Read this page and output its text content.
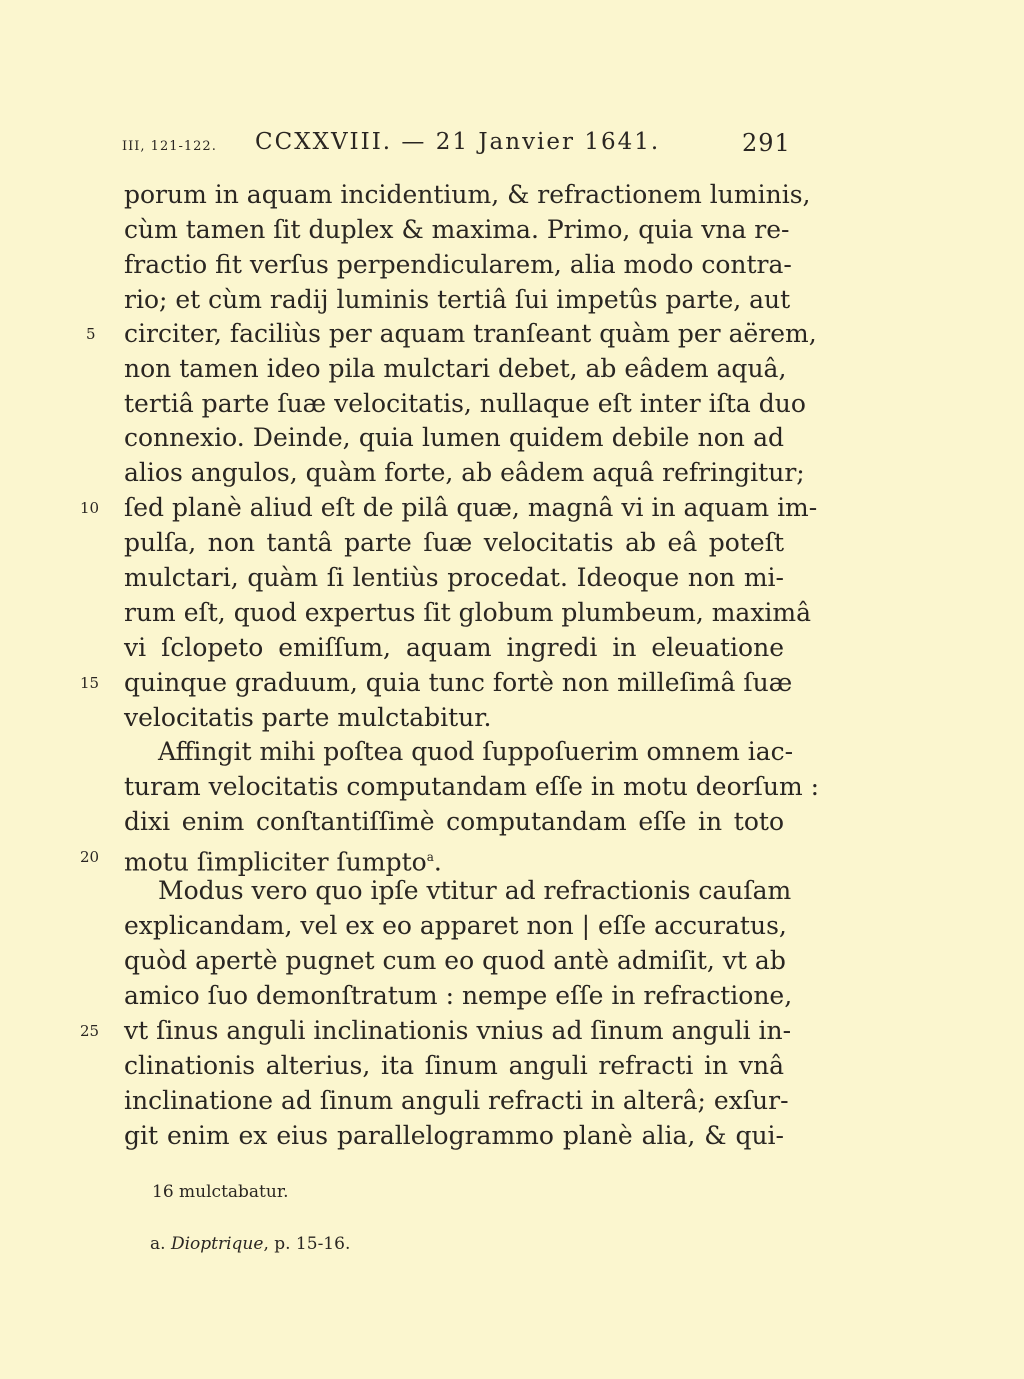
III, 121-122. CCXXVIII. — 21 Janvier 1641.	291
porum in aquam incidentium, & refractionem luminis,
cùm tamen ſit duplex & maxima. Primo, quia vna re-
fractio fit verſus perpendicularem, alia modo contra-
rio; et cùm radij luminis tertiâ ſui impetûs parte, aut
circiter, faciliùs per aquam tranſeant quàm per aërem,
non tamen ideo pila mulctari debet, ab eâdem aquâ,
tertiâ parte ſuæ velocitatis, nullaque eſt inter iſta duo
connexio. Deinde, quia lumen quidem debile non ad
alios angulos, quàm forte, ab eâdem aquâ refringitur;
ſed planè aliud eſt de pilâ quæ, magnâ vi in aquam im-
pulſa, non tantâ parte ſuæ velocitatis ab eâ poteſt
mulctari, quàm ſi lentiùs procedat. Ideoque non mi-
rum eſt, quod expertus ſit globum plumbeum, maximâ
vi ſclopeto emiſſum, aquam ingredi in eleuatione
quinque graduum, quia tunc fortè non milleſimâ ſuæ
velocitatis parte mulctabitur.
Affingit mihi poſtea quod ſuppoſuerim omnem iac-
turam velocitatis computandam eſſe in motu deorſum :
dixi enim conſtantiſſimè computandam eſſe in toto
motu ſimpliciter ſumpto$^a$.
Modus vero quo ipſe vtitur ad refractionis cauſam
explicandam, vel ex eo apparet non | eſſe accuratus,
quòd apertè pugnet cum eo quod antè admiſit, vt ab
amico ſuo demonſtratum : nempe eſſe in refractione,
vt ſinus anguli inclinationis vnius ad ſinum anguli in-
clinationis alterius, ita ſinum anguli refracti in vnâ
inclinatione ad ſinum anguli refracti in alterâ; exſur-
git enim ex eius parallelogrammo planè alia, & qui-
5
10
15
20
25
16 mulctabatur.
a. Dioptrique, p. 15-16.
